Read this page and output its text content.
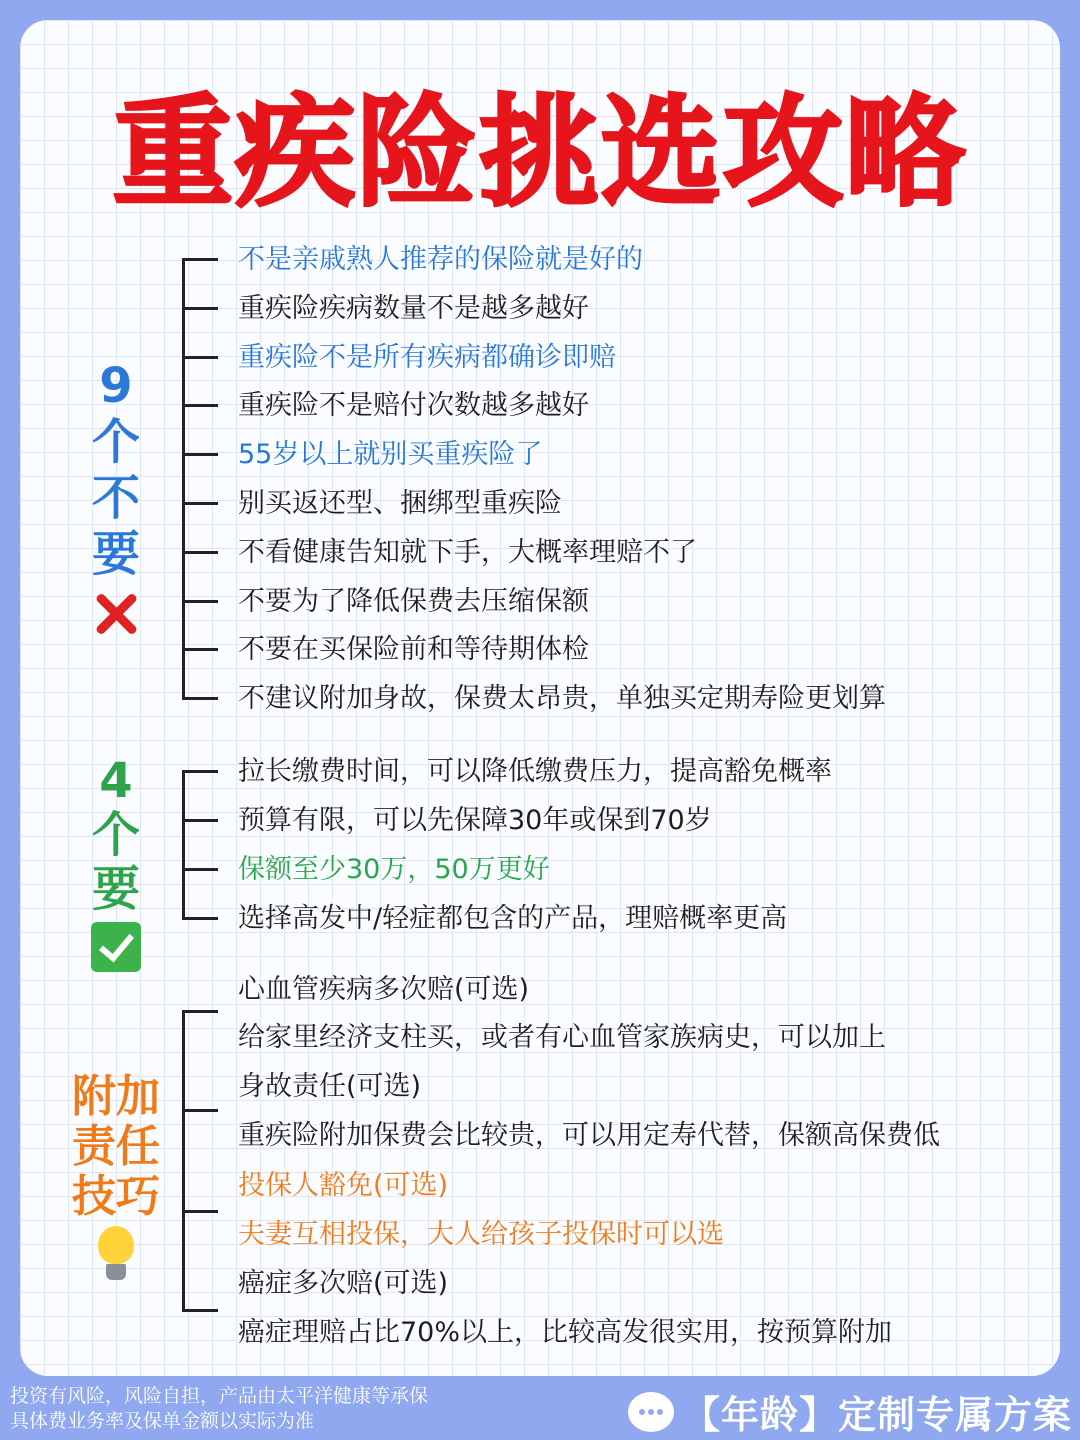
重疾险挑选攻略
9
个
不
要
不是亲戚熟人推荐的保险就是好的
重疾险疾病数量不是越多越好
重疾险不是所有疾病都确诊即赔
重疾险不是赔付次数越多越好
55岁以上就别买重疾险了
别买返还型、捆绑型重疾险
不看健康告知就下手，大概率理赔不了
不要为了降低保费去压缩保额
不要在买保险前和等待期体检
不建议附加身故，保费太昂贵，单独买定期寿险更划算
4
个
要
拉长缴费时间，可以降低缴费压力，提高豁免概率
预算有限，可以先保障30年或保到70岁
保额至少30万，50万更好
选择高发中/轻症都包含的产品，理赔概率更高
附加
责任
技巧
心血管疾病多次赔(可选)
给家里经济支柱买，或者有心血管家族病史，可以加上
身故责任(可选)
重疾险附加保费会比较贵，可以用定寿代替，保额高保费低
投保人豁免(可选)
夫妻互相投保，大人给孩子投保时可以选
癌症多次赔(可选)
癌症理赔占比70%以上，比较高发很实用，按预算附加
投资有风险，风险自担，产品由太平洋健康等承保
具体费业务率及保单金额以实际为准	【年龄】定制专属方案
